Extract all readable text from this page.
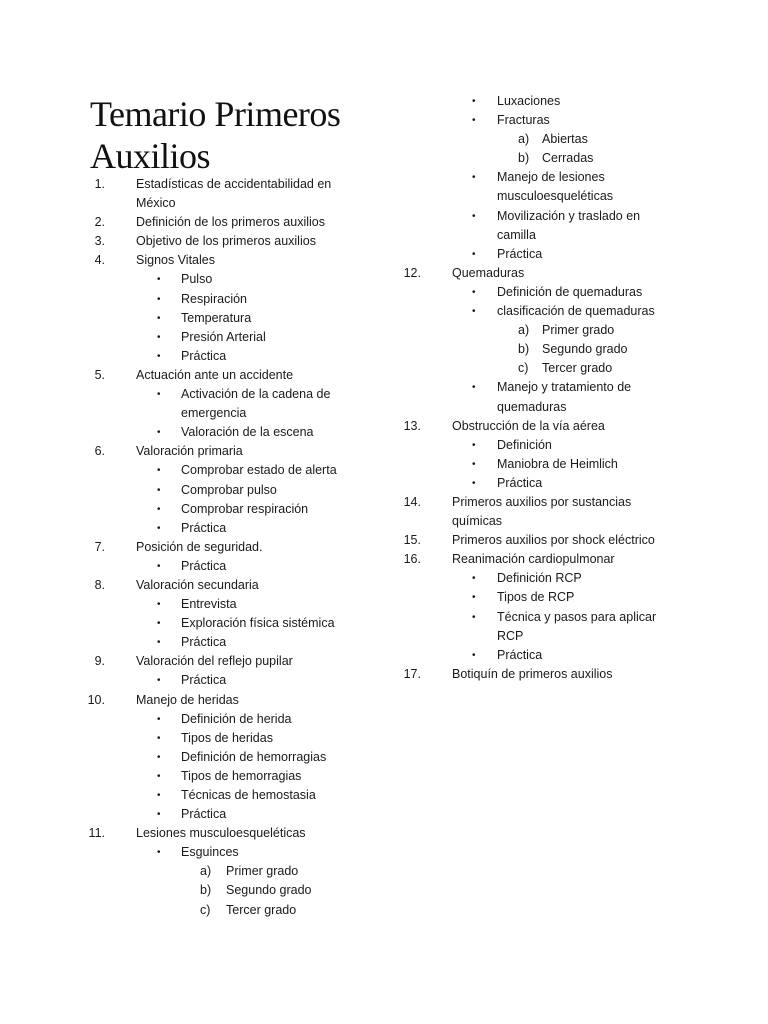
Temario Primeros
Auxilios
1. Estadísticas de accidentabilidad en
México
2. Definición de los primeros auxilios
3. Objetivo de los primeros auxilios
4. Signos Vitales
• Pulso
• Respiración
• Temperatura
• Presión Arterial
• Práctica
5. Actuación ante un accidente
• Activación de la cadena de
emergencia
• Valoración de la escena
6. Valoración primaria
• Comprobar estado de alerta
• Comprobar pulso
• Comprobar respiración
• Práctica
7. Posición de seguridad.
• Práctica
8. Valoración secundaria
• Entrevista
• Exploración física sistémica
• Práctica
9. Valoración del reflejo pupilar
• Práctica
10. Manejo de heridas
• Definición de herida
• Tipos de heridas
• Definición de hemorragias
• Tipos de hemorragias
• Técnicas de hemostasia
• Práctica
11. Lesiones musculoesqueléticas
• Esguinces
a) Primer grado
b) Segundo grado
c) Tercer grado
• Luxaciones
• Fracturas
a) Abiertas
b) Cerradas
• Manejo de lesiones
musculoesqueléticas
• Movilización y traslado en
camilla
• Práctica
12. Quemaduras
• Definición de quemaduras
• clasificación de quemaduras
a) Primer grado
b) Segundo grado
c) Tercer grado
• Manejo y tratamiento de
quemaduras
13. Obstrucción de la vía aérea
• Definición
• Maniobra de Heimlich
• Práctica
14. Primeros auxilios por sustancias
químicas
15. Primeros auxilios por shock eléctrico
16. Reanimación cardiopulmonar
• Definición RCP
• Tipos de RCP
• Técnica y pasos para aplicar
RCP
• Práctica
17. Botiquín de primeros auxilios
